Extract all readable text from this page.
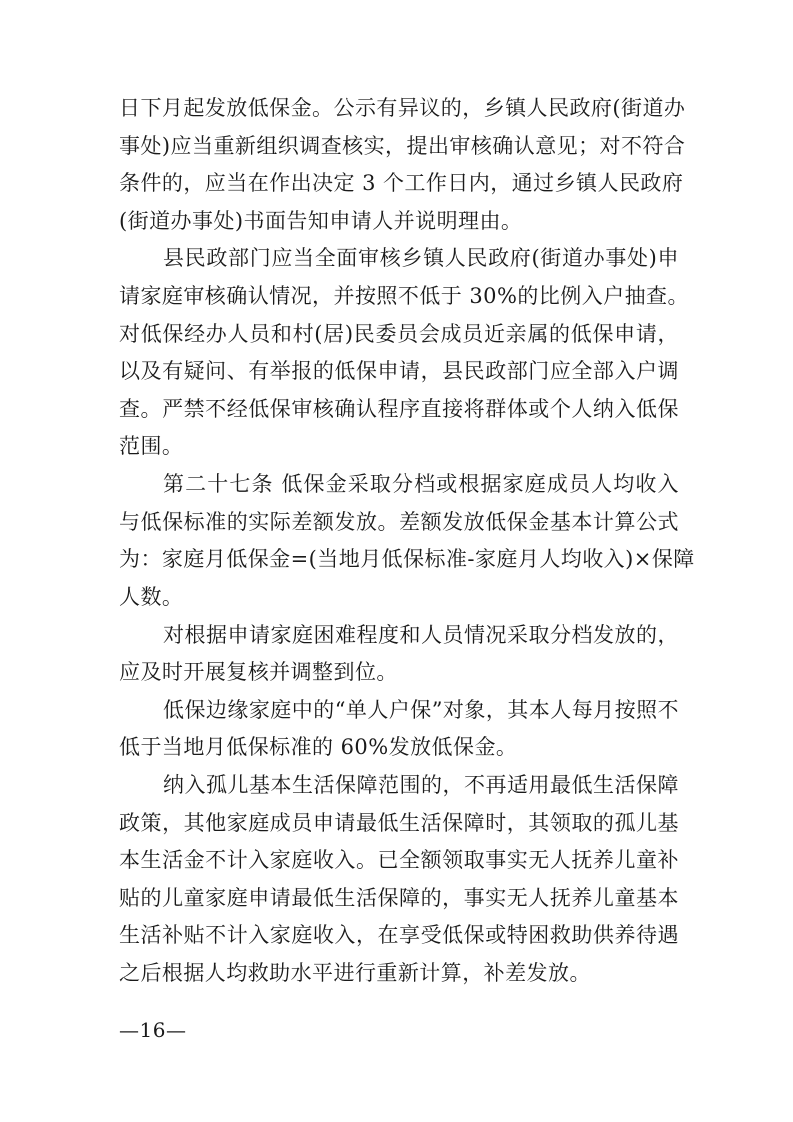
日下月起发放低保金。公示有异议的，乡镇人民政府(街道办
事处)应当重新组织调查核实，提出审核确认意见；对不符合
条件的，应当在作出决定 3 个工作日内，通过乡镇人民政府
(街道办事处)书面告知申请人并说明理由。
县民政部门应当全面审核乡镇人民政府(街道办事处)申
请家庭审核确认情况，并按照不低于 30%的比例入户抽查。
对低保经办人员和村(居)民委员会成员近亲属的低保申请，
以及有疑问、有举报的低保申请，县民政部门应全部入户调
查。严禁不经低保审核确认程序直接将群体或个人纳入低保
范围。
第二十七条 低保金采取分档或根据家庭成员人均收入
与低保标准的实际差额发放。差额发放低保金基本计算公式
为：家庭月低保金=(当地月低保标准-家庭月人均收入)×保障
人数。
对根据申请家庭困难程度和人员情况采取分档发放的，
应及时开展复核并调整到位。
低保边缘家庭中的“单人户保”对象，其本人每月按照不
低于当地月低保标准的 60%发放低保金。
纳入孤儿基本生活保障范围的，不再适用最低生活保障
政策，其他家庭成员申请最低生活保障时，其领取的孤儿基
本生活金不计入家庭收入。已全额领取事实无人抚养儿童补
贴的儿童家庭申请最低生活保障的，事实无人抚养儿童基本
生活补贴不计入家庭收入，在享受低保或特困救助供养待遇
之后根据人均救助水平进行重新计算，补差发放。
—16—
